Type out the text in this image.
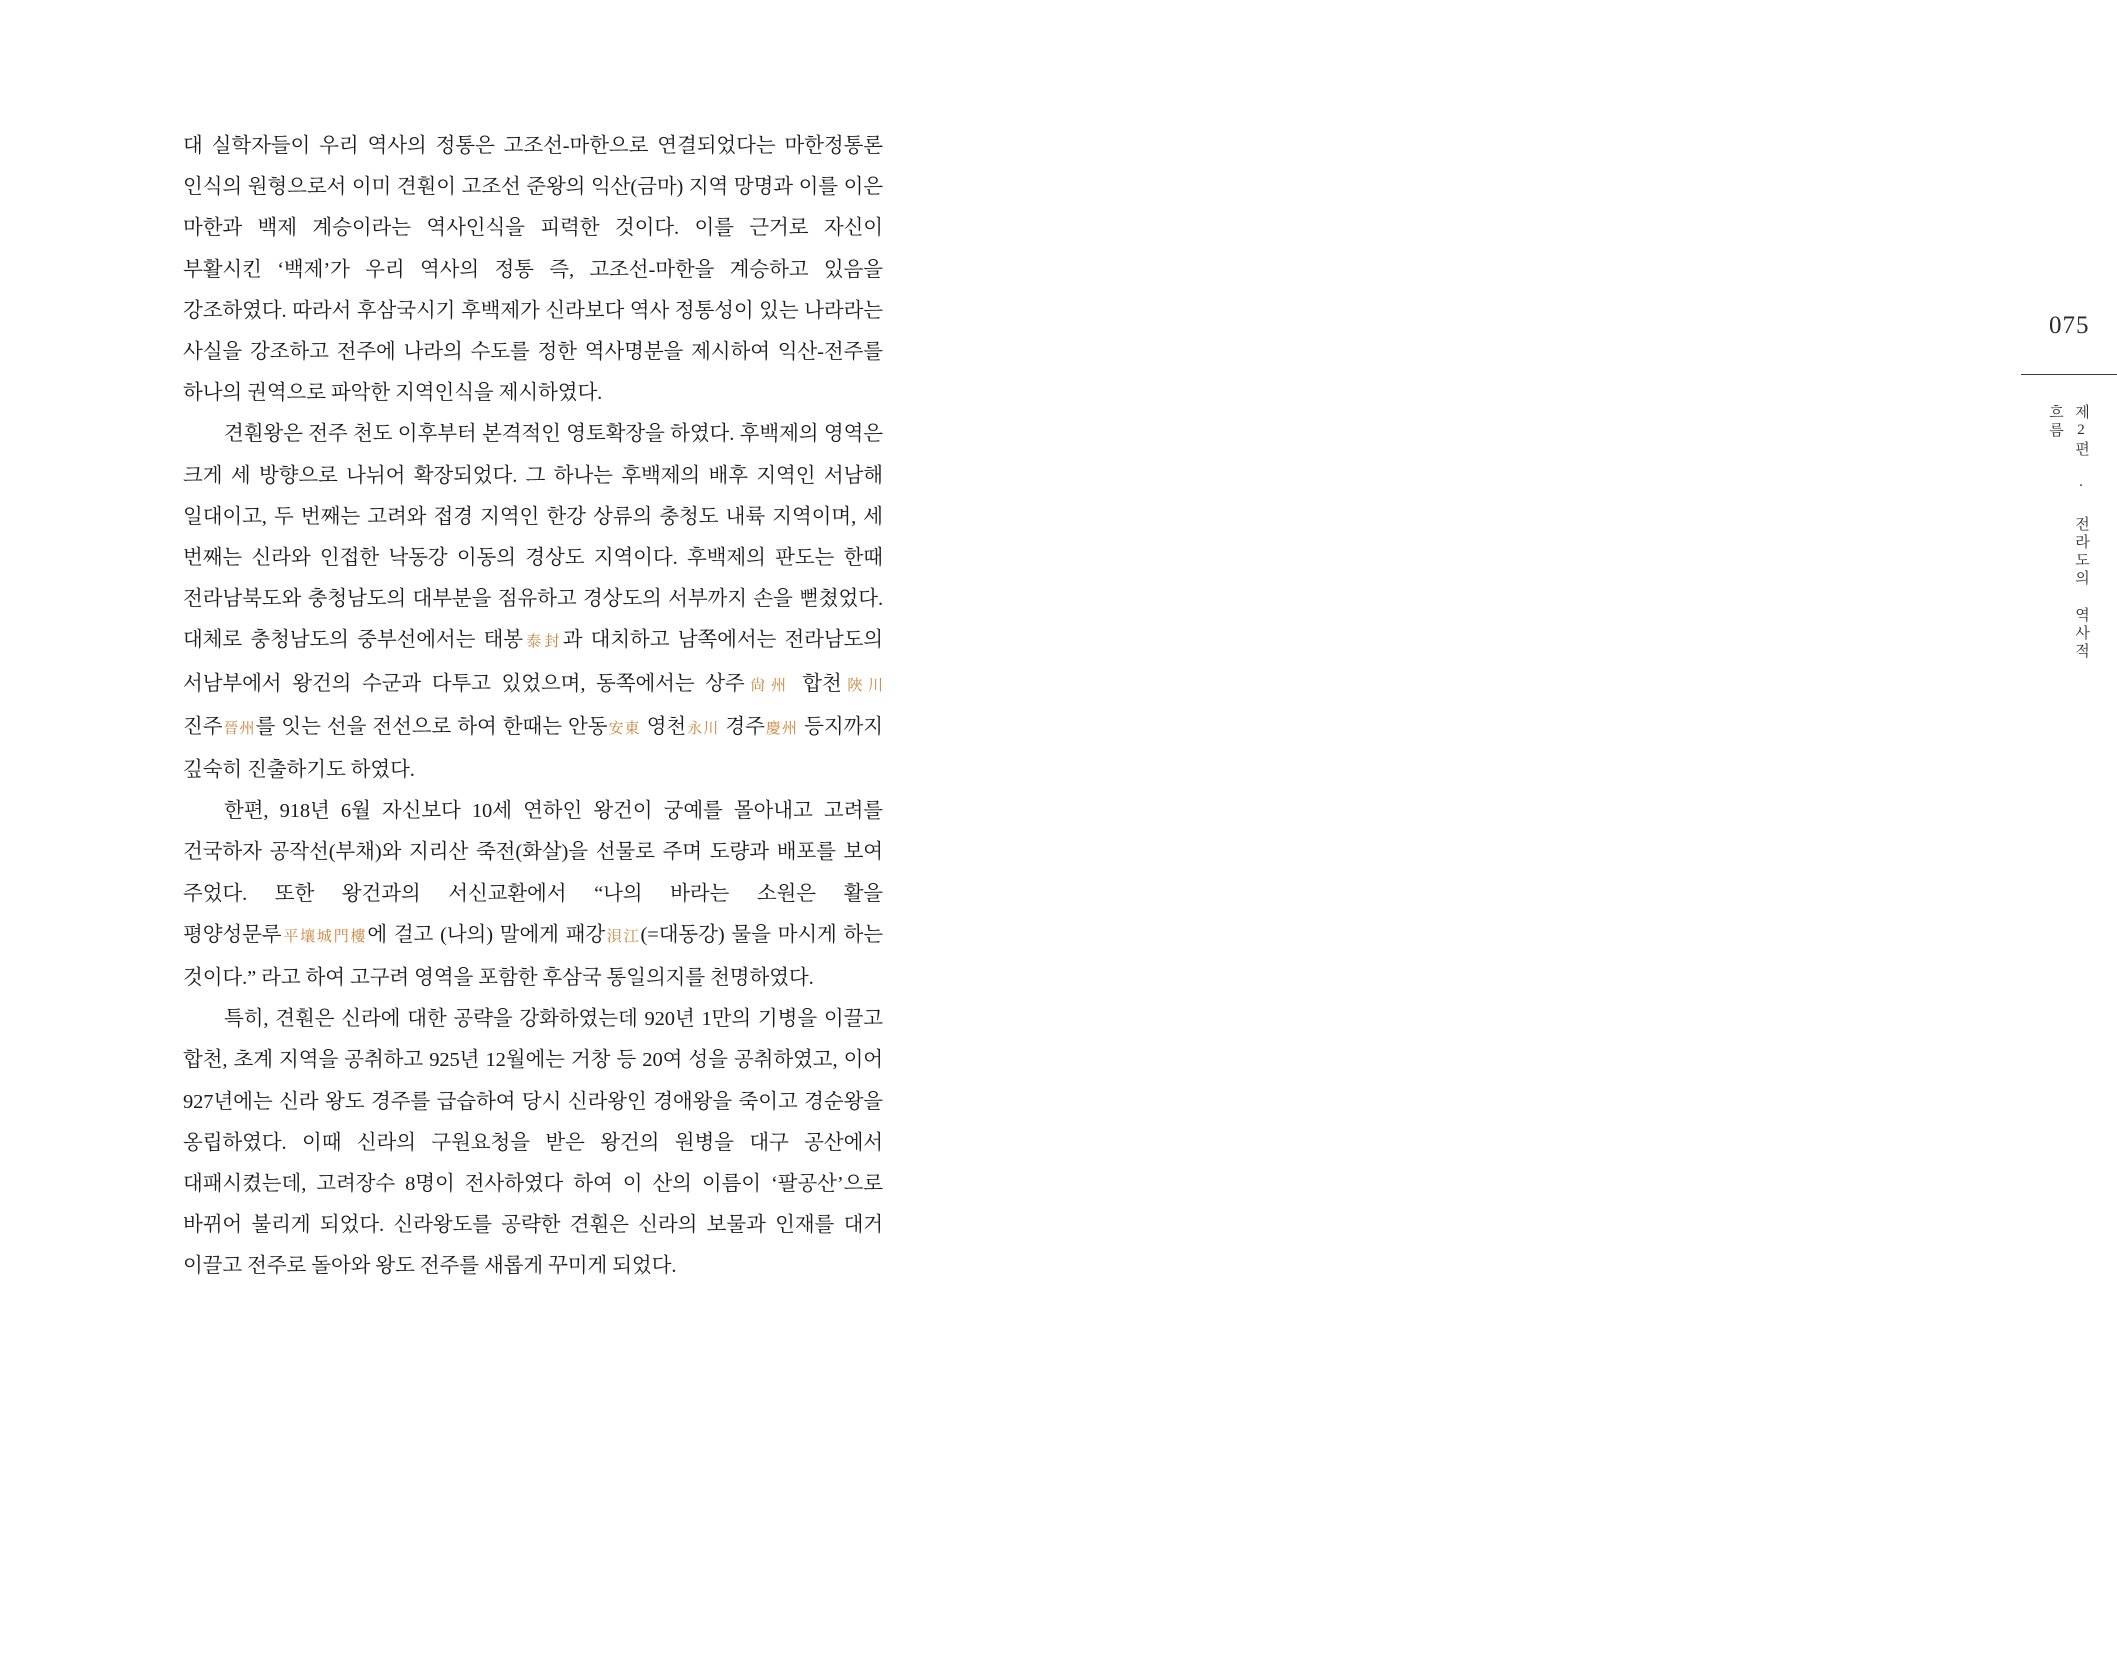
대 실학자들이 우리 역사의 정통은 고조선-마한으로 연결되었다는 마한정통론 인식의 원형으로서 이미 견훤이 고조선 준왕의 익산(금마) 지역 망명과 이를 이은 마한과 백제 계승이라는 역사인식을 피력한 것이다. 이를 근거로 자신이 부활시킨 ‘백제’가 우리 역사의 정통 즉, 고조선-마한을 계승하고 있음을 강조하였다. 따라서 후삼국시기 후백제가 신라보다 역사 정통성이 있는 나라라는 사실을 강조하고 전주에 나라의 수도를 정한 역사명분을 제시하여 익산-전주를 하나의 권역으로 파악한 지역인식을 제시하였다.

견훤왕은 전주 천도 이후부터 본격적인 영토확장을 하였다. 후백제의 영역은 크게 세 방향으로 나뉘어 확장되었다. 그 하나는 후백제의 배후 지역인 서남해 일대이고, 두 번째는 고려와 접경 지역인 한강 상류의 충청도 내륙 지역이며, 세 번째는 신라와 인접한 낙동강 이동의 경상도 지역이다. 후백제의 판도는 한때 전라남북도와 충청남도의 대부분을 점유하고 경상도의 서부까지 손을 뻗쳤었다. 대체로 충청남도의 중부선에서는 태봉泰封과 대치하고 남쪽에서는 전라남도의 서남부에서 왕건의 수군과 다투고 있었으며, 동쪽에서는 상주尙州 합천陜川 진주晉州를 잇는 선을 전선으로 하여 한때는 안동安東 영천永川 경주慶州 등지까지 깊숙히 진출하기도 하였다.

한편, 918년 6월 자신보다 10세 연하인 왕건이 궁예를 몰아내고 고려를 건국하자 공작선(부채)와 지리산 죽전(화살)을 선물로 주며 도량과 배포를 보여 주었다. 또한 왕건과의 서신교환에서 “나의 바라는 소원은 활을 평양성문루平壤城門樓에 걸고 (나의) 말에게 패강浿江(=대동강) 물을 마시게 하는 것이다.” 라고 하여 고구려 영역을 포함한 후삼국 통일의지를 천명하였다.

특히, 견훤은 신라에 대한 공략을 강화하였는데 920년 1만의 기병을 이끌고 합천, 초계 지역을 공취하고 925년 12월에는 거창 등 20여 성을 공취하였고, 이어 927년에는 신라 왕도 경주를 급습하여 당시 신라왕인 경애왕을 죽이고 경순왕을 옹립하였다. 이때 신라의 구원요청을 받은 왕건의 원병을 대구 공산에서 대패시켰는데, 고려장수 8명이 전사하였다 하여 이 산의 이름이 ‘팔공산’으로 바뀌어 불리게 되었다. 신라왕도를 공략한 견훤은 신라의 보물과 인재를 대거 이끌고 전주로 돌아와 왕도 전주를 새롭게 꾸미게 되었다.

075
제2편 · 전라도의 역사적 흐름
